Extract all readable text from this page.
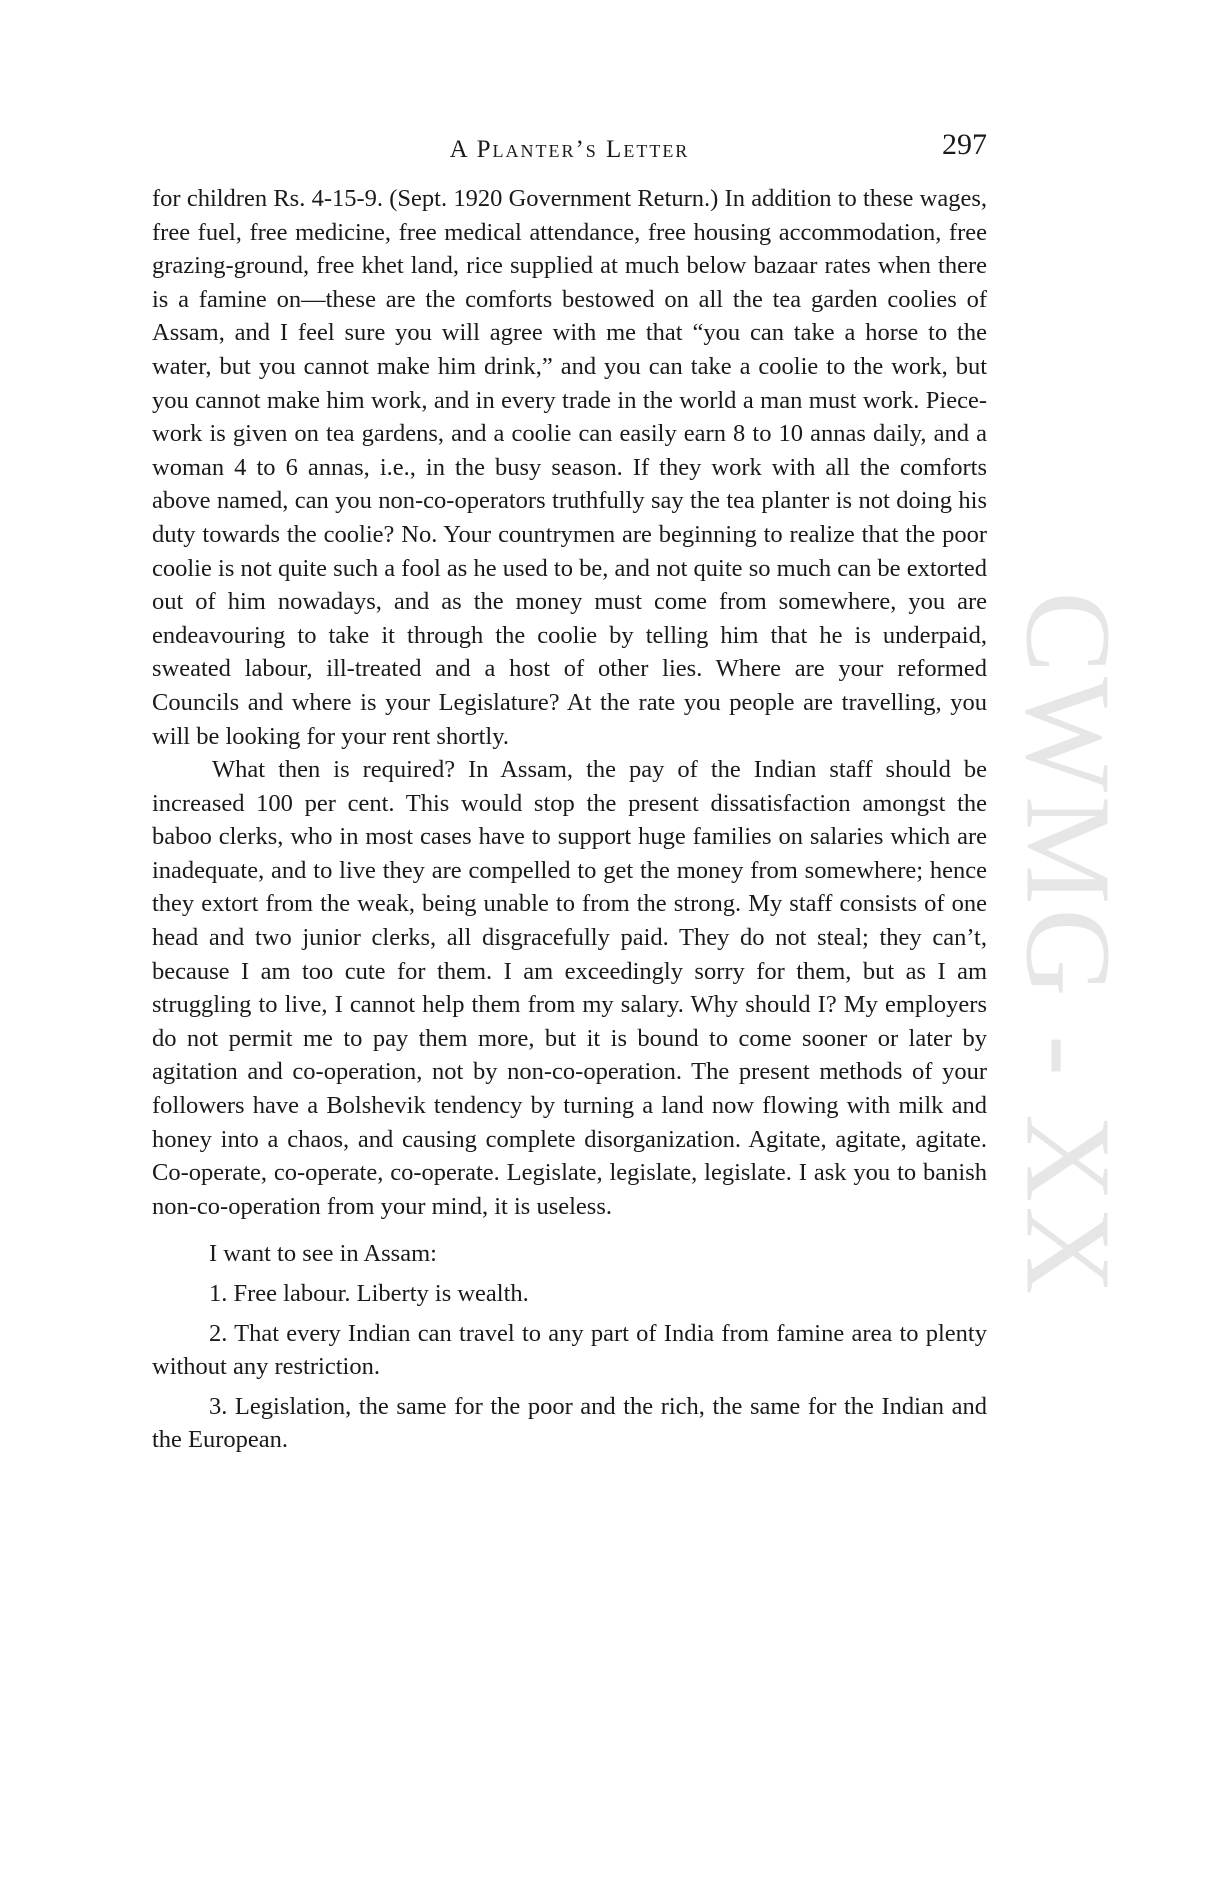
A Planter’s Letter	297

for children Rs. 4-15-9. (Sept. 1920 Government Return.) In addition to these wages, free fuel, free medicine, free medical attendance, free housing accommodation, free grazing-ground, free khet land, rice supplied at much below bazaar rates when there is a famine on—these are the comforts bestowed on all the tea garden coolies of Assam, and I feel sure you will agree with me that “you can take a horse to the water, but you cannot make him drink,” and you can take a coolie to the work, but you cannot make him work, and in every trade in the world a man must work. Piece-work is given on tea gardens, and a coolie can easily earn 8 to 10 annas daily, and a woman 4 to 6 annas, i.e., in the busy season. If they work with all the comforts above named, can you non-co-operators truthfully say the tea planter is not doing his duty towards the coolie? No. Your countrymen are beginning to realize that the poor coolie is not quite such a fool as he used to be, and not quite so much can be extorted out of him nowadays, and as the money must come from somewhere, you are endeavouring to take it through the coolie by telling him that he is underpaid, sweated labour, ill-treated and a host of other lies. Where are your reformed Councils and where is your Legislature? At the rate you people are travelling, you will be looking for your rent shortly.

What then is required? In Assam, the pay of the Indian staff should be increased 100 per cent. This would stop the present dissatisfaction amongst the baboo clerks, who in most cases have to support huge families on salaries which are inadequate, and to live they are compelled to get the money from somewhere; hence they extort from the weak, being unable to from the strong. My staff consists of one head and two junior clerks, all disgracefully paid. They do not steal; they can’t, because I am too cute for them. I am exceedingly sorry for them, but as I am struggling to live, I cannot help them from my salary. Why should I? My employers do not permit me to pay them more, but it is bound to come sooner or later by agitation and co-operation, not by non-co-operation. The present methods of your followers have a Bolshevik tendency by turning a land now flowing with milk and honey into a chaos, and causing complete disorganization. Agitate, agitate, agitate. Co-operate, co-operate, co-operate. Legislate, legislate, legislate. I ask you to banish non-co-operation from your mind, it is useless.

I want to see in Assam:

1. Free labour. Liberty is wealth.

2. That every Indian can travel to any part of India from famine area to plenty without any restriction.

3. Legislation, the same for the poor and the rich, the same for the Indian and the European.

CWMG - XX
